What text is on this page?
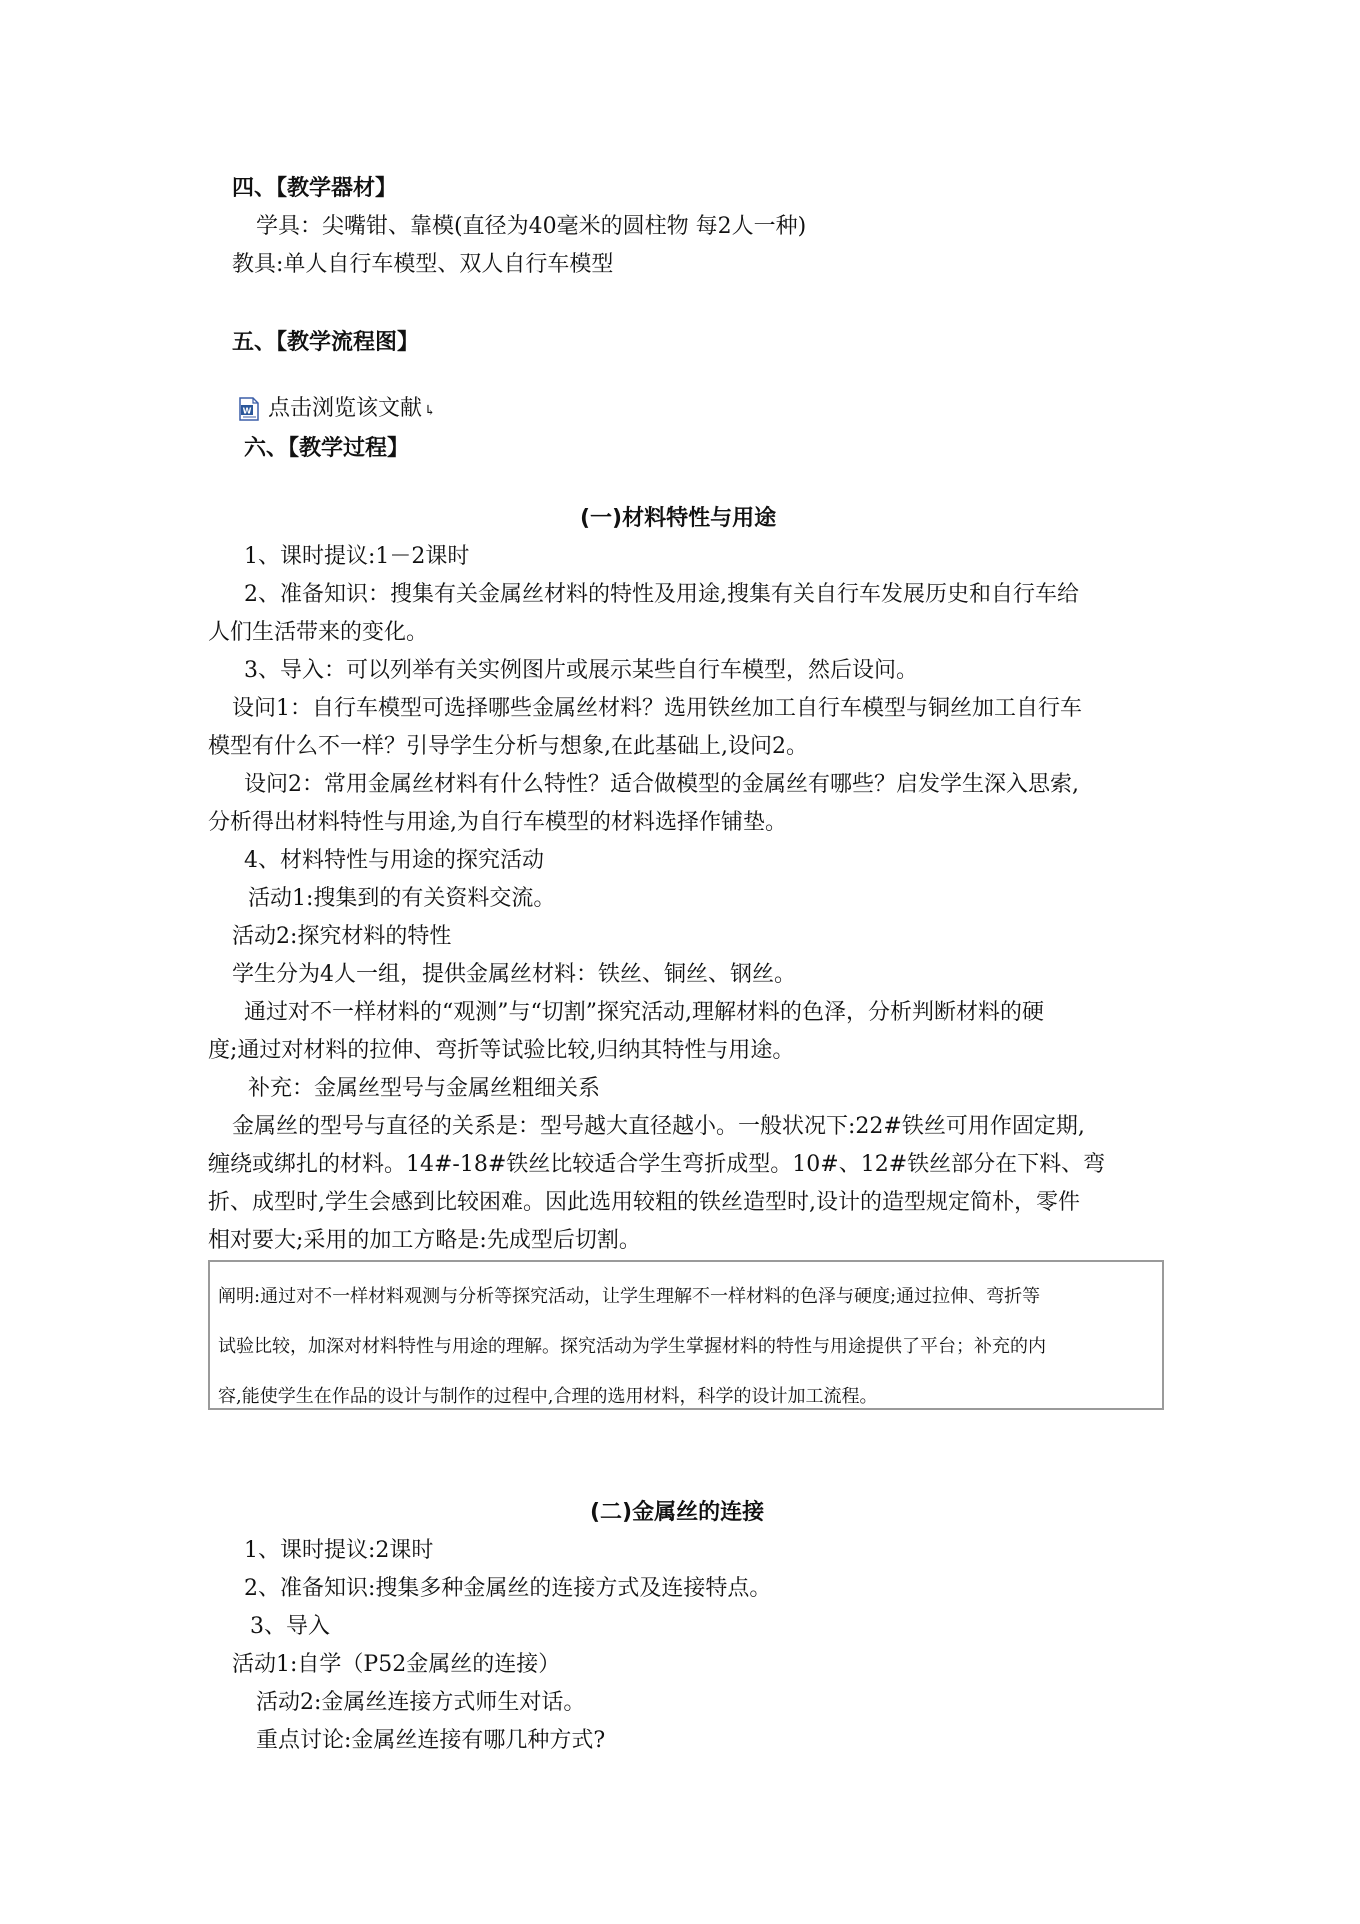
四、【教学器材】
学具：尖嘴钳、靠模(直径为40毫米的圆柱物 每2人一种)
教具:单人自行车模型、双人自行车模型
五、【教学流程图】
W 点击浏览该文献 ↳
六、【教学过程】
(一)材料特性与用途
1、课时提议:1－2课时
2、准备知识：搜集有关金属丝材料的特性及用途,搜集有关自行车发展历史和自行车给
人们生活带来的变化。
3、导入：可以列举有关实例图片或展示某些自行车模型，然后设问。
设问1：自行车模型可选择哪些金属丝材料？选用铁丝加工自行车模型与铜丝加工自行车
模型有什么不一样？引导学生分析与想象,在此基础上,设问2。
设问2：常用金属丝材料有什么特性？适合做模型的金属丝有哪些？启发学生深入思索,
分析得出材料特性与用途,为自行车模型的材料选择作铺垫。
4、材料特性与用途的探究活动
活动1:搜集到的有关资料交流。
活动2:探究材料的特性
学生分为4人一组，提供金属丝材料：铁丝、铜丝、钢丝。
通过对不一样材料的“观测”与“切割”探究活动,理解材料的色泽，分析判断材料的硬
度;通过对材料的拉伸、弯折等试验比较,归纳其特性与用途。
补充：金属丝型号与金属丝粗细关系
金属丝的型号与直径的关系是：型号越大直径越小。一般状况下:22#铁丝可用作固定期,
缠绕或绑扎的材料。14#-18#铁丝比较适合学生弯折成型。10#、12#铁丝部分在下料、弯
折、成型时,学生会感到比较困难。因此选用较粗的铁丝造型时,设计的造型规定简朴，零件
相对要大;采用的加工方略是:先成型后切割。
阐明:通过对不一样材料观测与分析等探究活动，让学生理解不一样材料的色泽与硬度;通过拉伸、弯折等
试验比较，加深对材料特性与用途的理解。探究活动为学生掌握材料的特性与用途提供了平台；补充的内
容,能使学生在作品的设计与制作的过程中,合理的选用材料，科学的设计加工流程。
(二)金属丝的连接
1、课时提议:2课时
2、准备知识:搜集多种金属丝的连接方式及连接特点。
3、导入
活动1:自学（P52金属丝的连接）
活动2:金属丝连接方式师生对话。
重点讨论:金属丝连接有哪几种方式?
